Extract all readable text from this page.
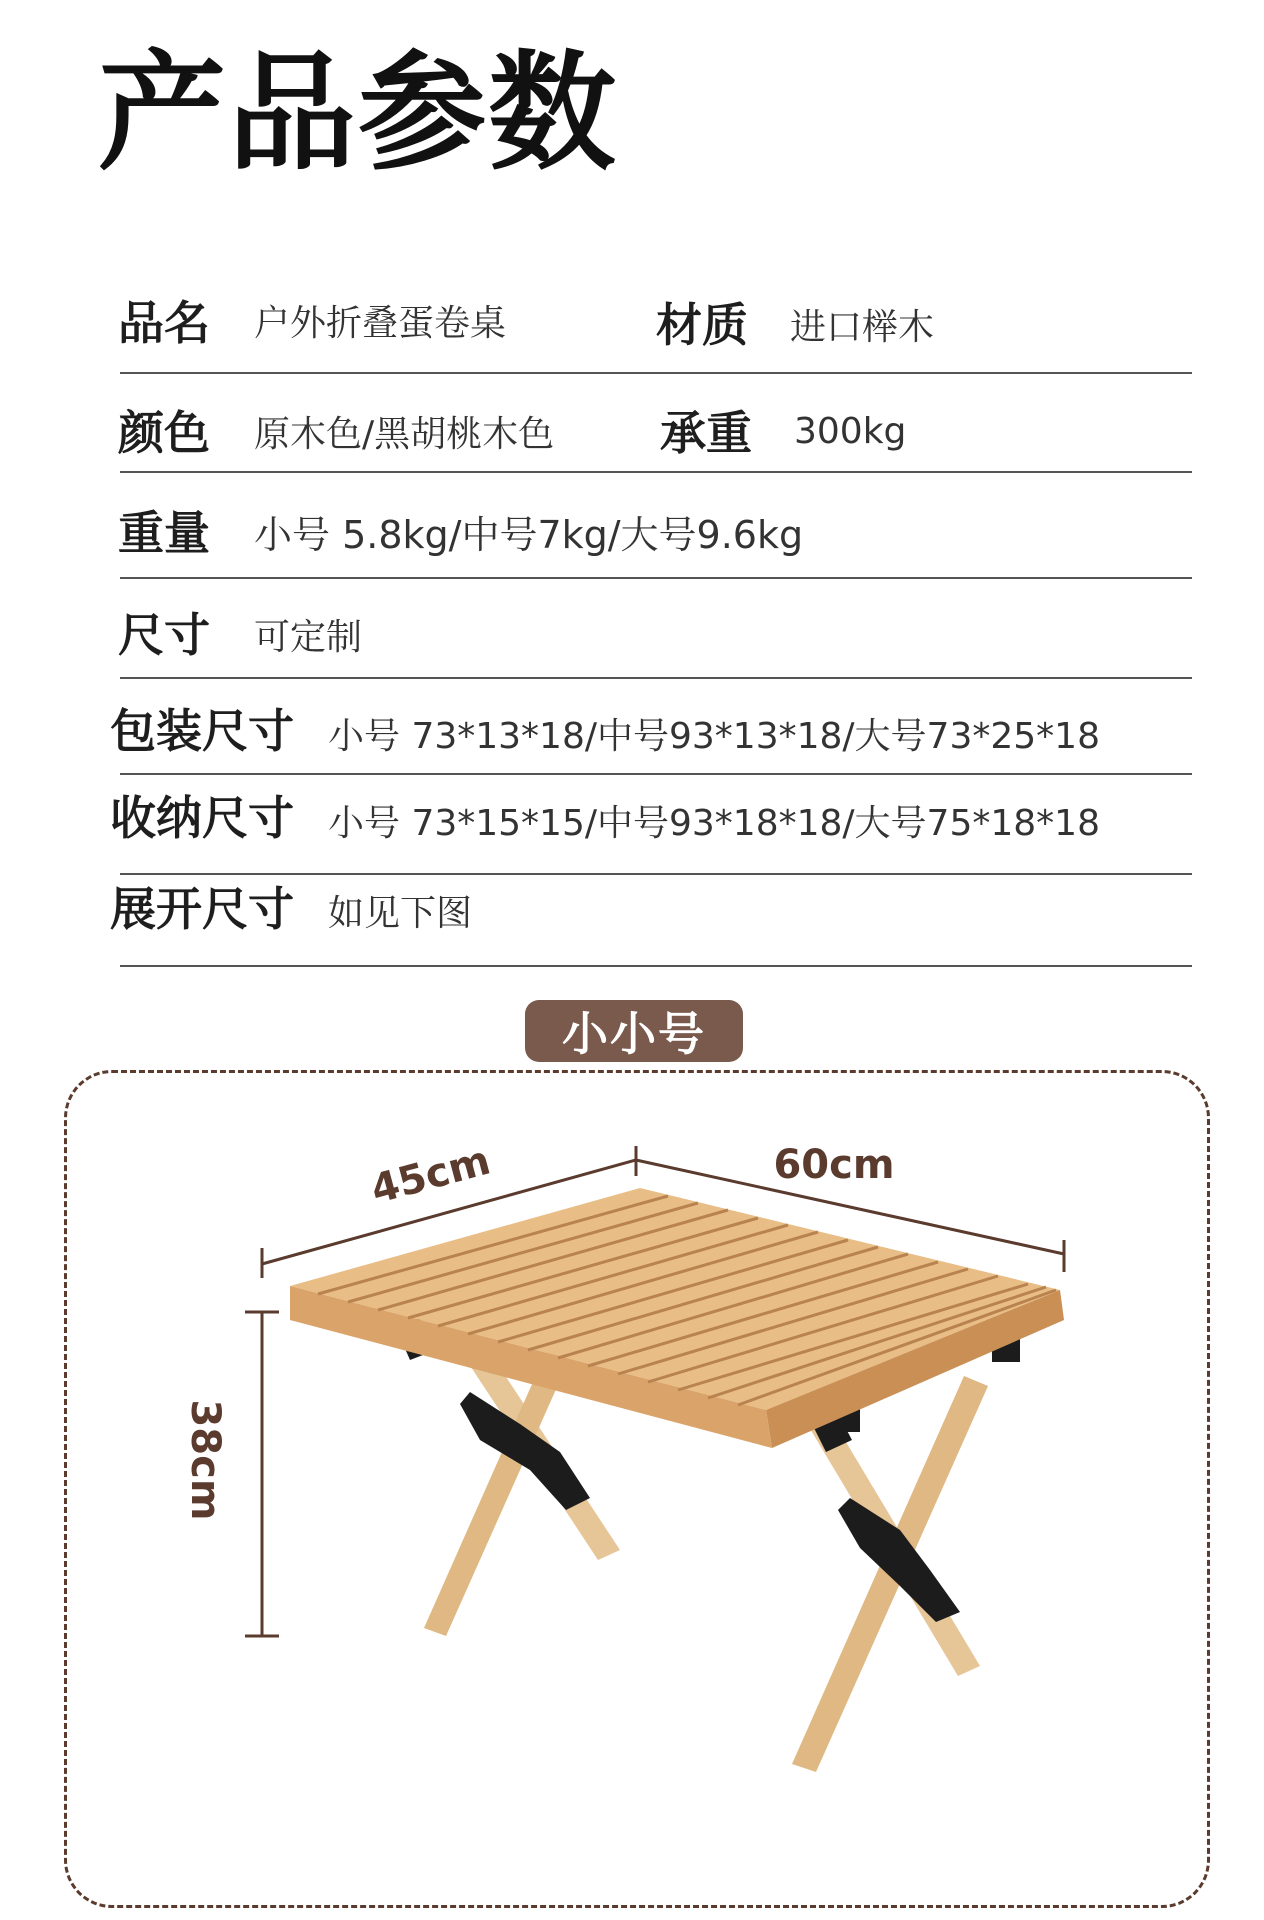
产品参数
品名 户外折叠蛋卷桌	材质 进口榉木
颜色 原木色/黑胡桃木色 承重 300kg
重量 小号 5.8kg/中号7kg/大号9.6kg
尺寸 可定制
包装尺寸 小号 73*13*18/中号93*13*18/大号73*25*18
收纳尺寸 小号 73*15*15/中号93*18*18/大号75*18*18
展开尺寸 如见下图
小小号
45cm	60cm
38cm
